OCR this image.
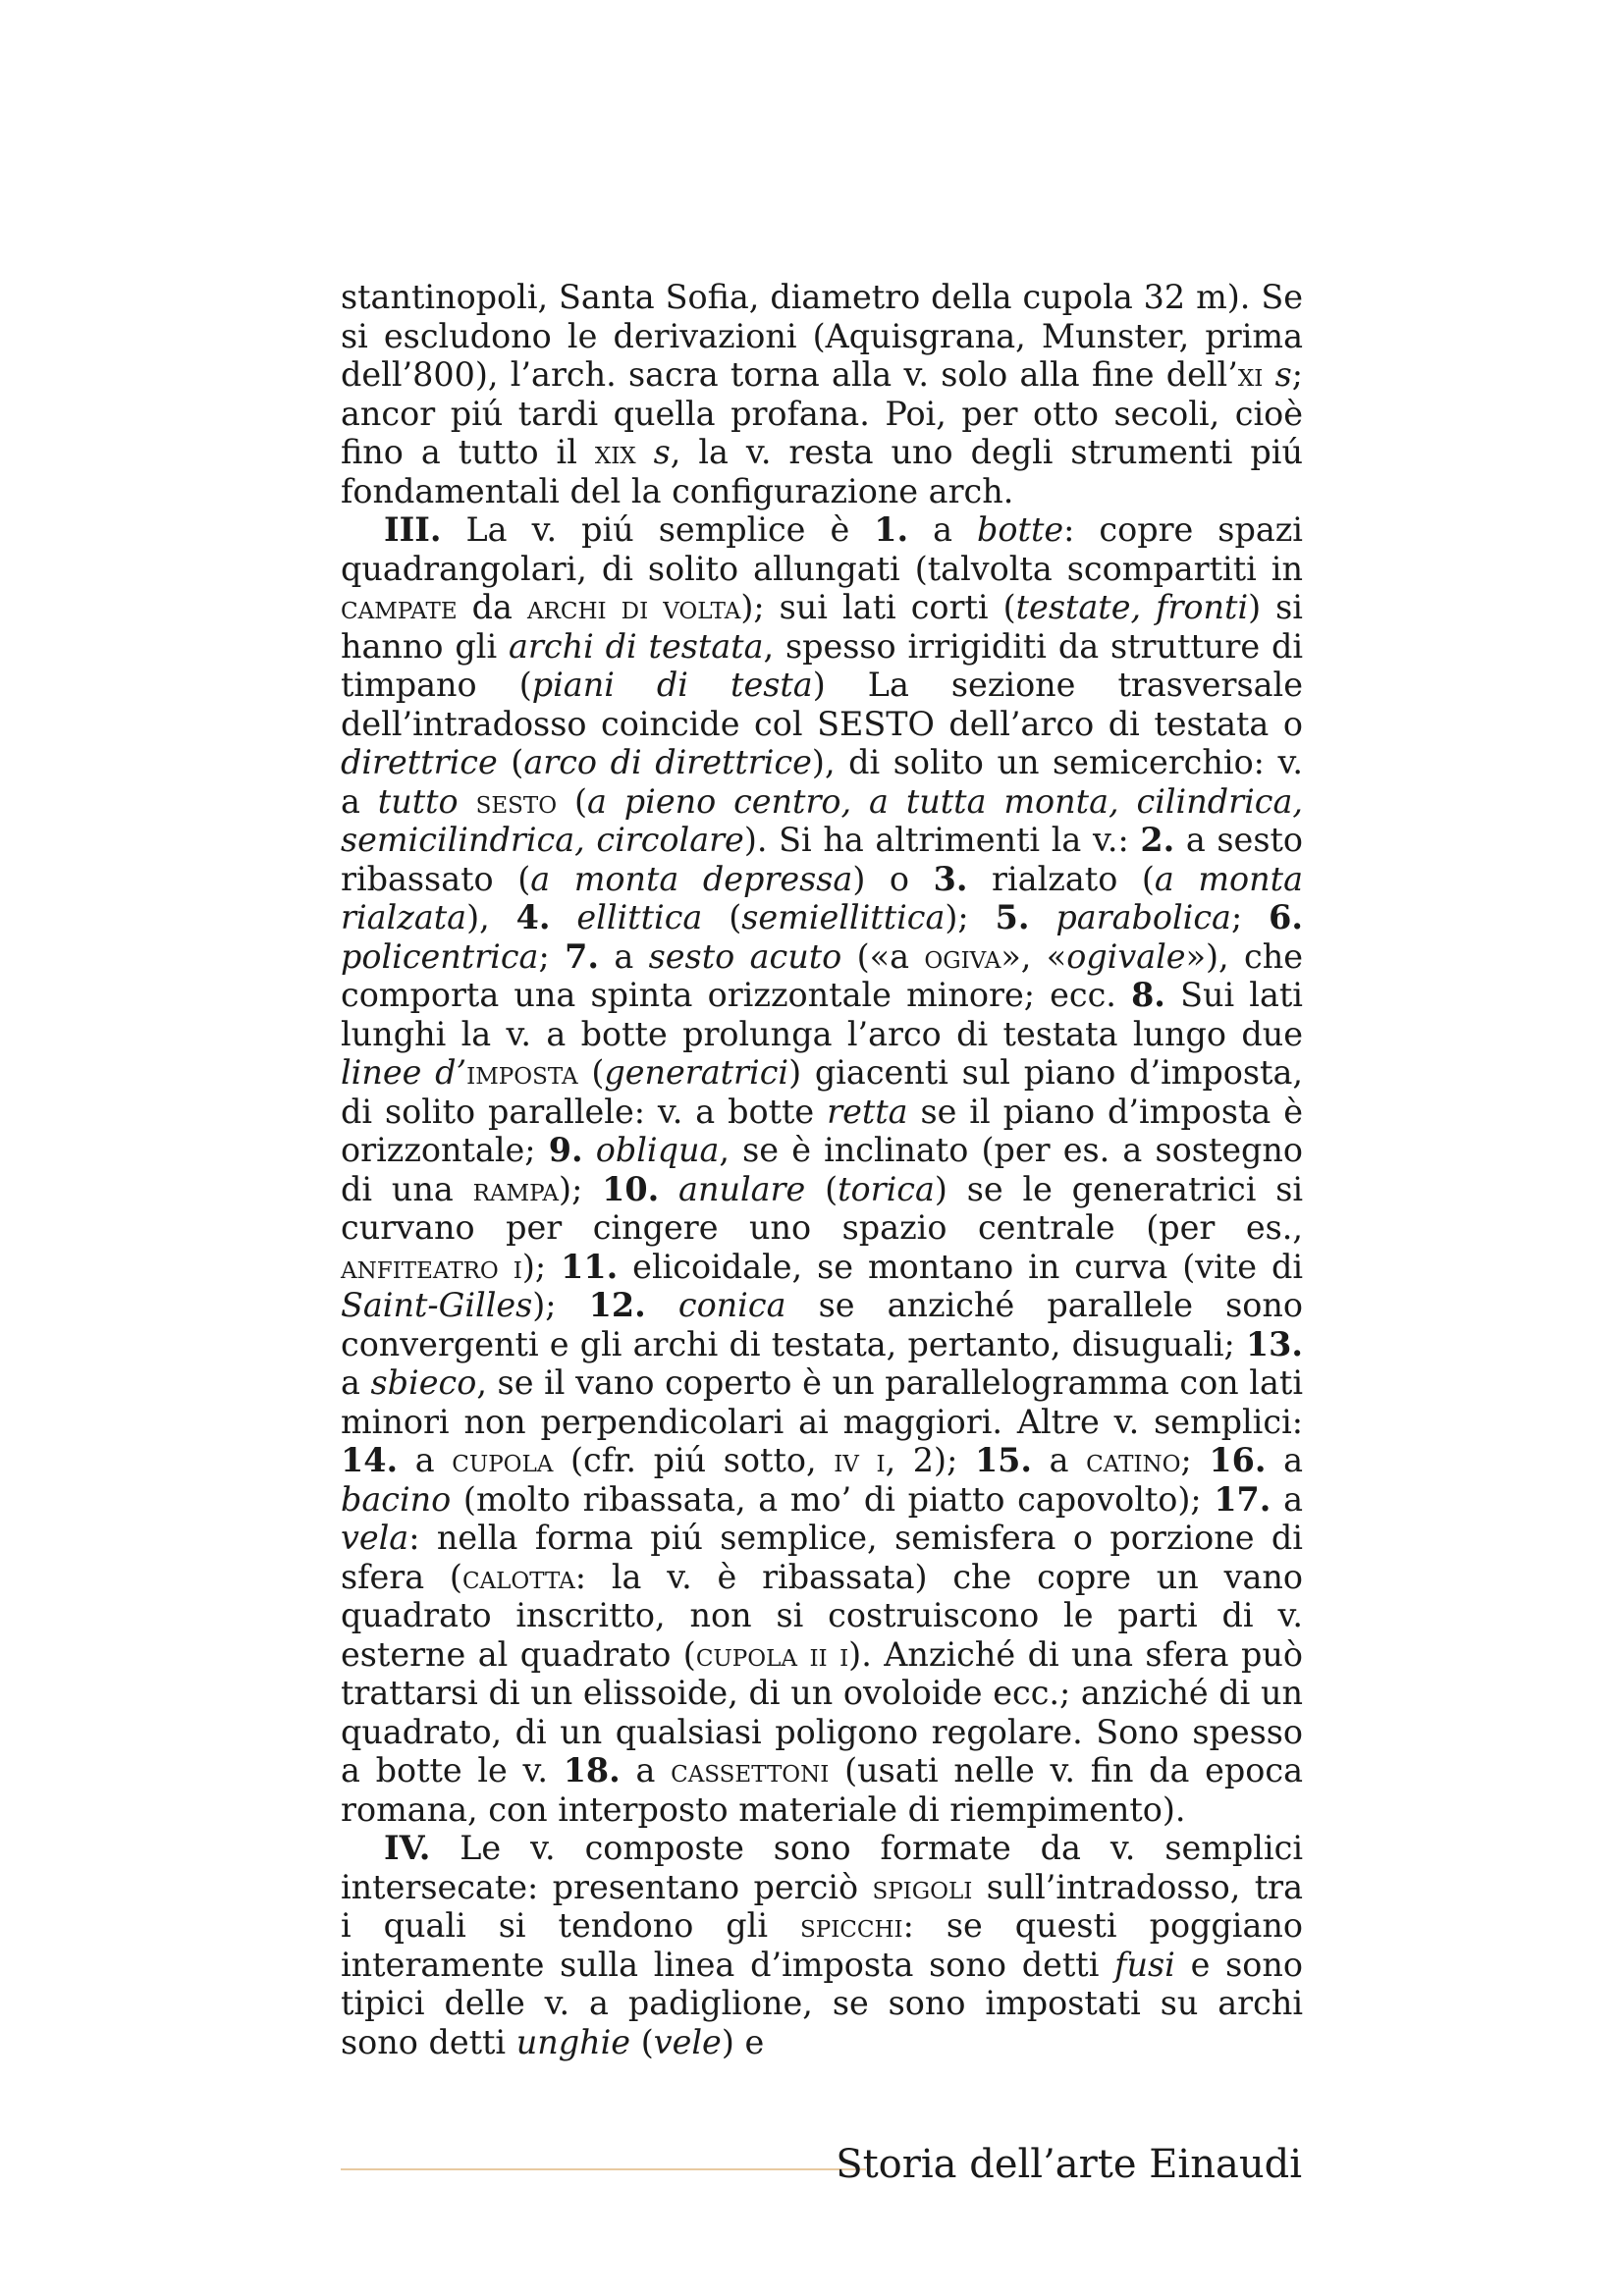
stantinopoli, Santa Sofia, diametro della cupola 32 m). Se si escludono le derivazioni (Aquisgrana, Munster, prima dell’800), l’arch. sacra torna alla v. solo alla fine dell’xi s; ancor piú tardi quella profana. Poi, per otto secoli, cioè fino a tutto il xix s, la v. resta uno degli strumenti piú fondamentali del la configurazione arch.

III. La v. piú semplice è 1. a botte: copre spazi quadrangolari, di solito allungati (talvolta scompartiti in campate da archi di volta); sui lati corti (testate, fronti) si hanno gli archi di testata, spesso irrigiditi da strutture di timpano (piani di testa) La sezione trasversale dell’intradosso coincide col SESTO dell’arco di testata o direttrice (arco di direttrice), di solito un semicerchio: v. a tutto sesto (a pieno centro, a tutta monta, cilindrica, semicilindrica, circolare). Si ha altrimenti la v.: 2. a sesto ribassato (a monta depressa) o 3. rialzato (a monta rialzata), 4. ellittica (semiellittica); 5. parabolica; 6. policentrica; 7. a sesto acuto («a ogiva», «ogivale»), che comporta una spinta orizzontale minore; ecc. 8. Sui lati lunghi la v. a botte prolunga l’arco di testata lungo due linee d’imposta (generatrici) giacenti sul piano d’imposta, di solito parallele: v. a botte retta se il piano d’imposta è orizzontale; 9. obliqua, se è inclinato (per es. a sostegno di una rampa); 10. anulare (torica) se le generatrici si curvano per cingere uno spazio centrale (per es., anfiteatro i); 11. elicoidale, se montano in curva (vite di Saint-Gilles); 12. conica se anziché parallele sono convergenti e gli archi di testata, pertanto, disuguali; 13. a sbieco, se il vano coperto è un parallelogramma con lati minori non perpendicolari ai maggiori. Altre v. semplici: 14. a cupola (cfr. piú sotto, iv i, 2); 15. a catino; 16. a bacino (molto ribassata, a mo’ di piatto capovolto); 17. a vela: nella forma piú semplice, semisfera o porzione di sfera (calotta: la v. è ribassata) che copre un vano quadrato inscritto, non si costruiscono le parti di v. esterne al quadrato (cupola ii i). Anziché di una sfera può trattarsi di un elissoide, di un ovoloide ecc.; anziché di un quadrato, di un qualsiasi poligono regolare. Sono spesso a botte le v. 18. a cassettoni (usati nelle v. fin da epoca romana, con interposto materiale di riempimento).

IV. Le v. composte sono formate da v. semplici intersecate: presentano perciò spigoli sull’intradosso, tra i quali si tendono gli spicchi: se questi poggiano interamente sulla linea d’imposta sono detti fusi e sono tipici delle v. a padiglione, se sono impostati su archi sono detti unghie (vele) e

Storia dell’arte Einaudi
